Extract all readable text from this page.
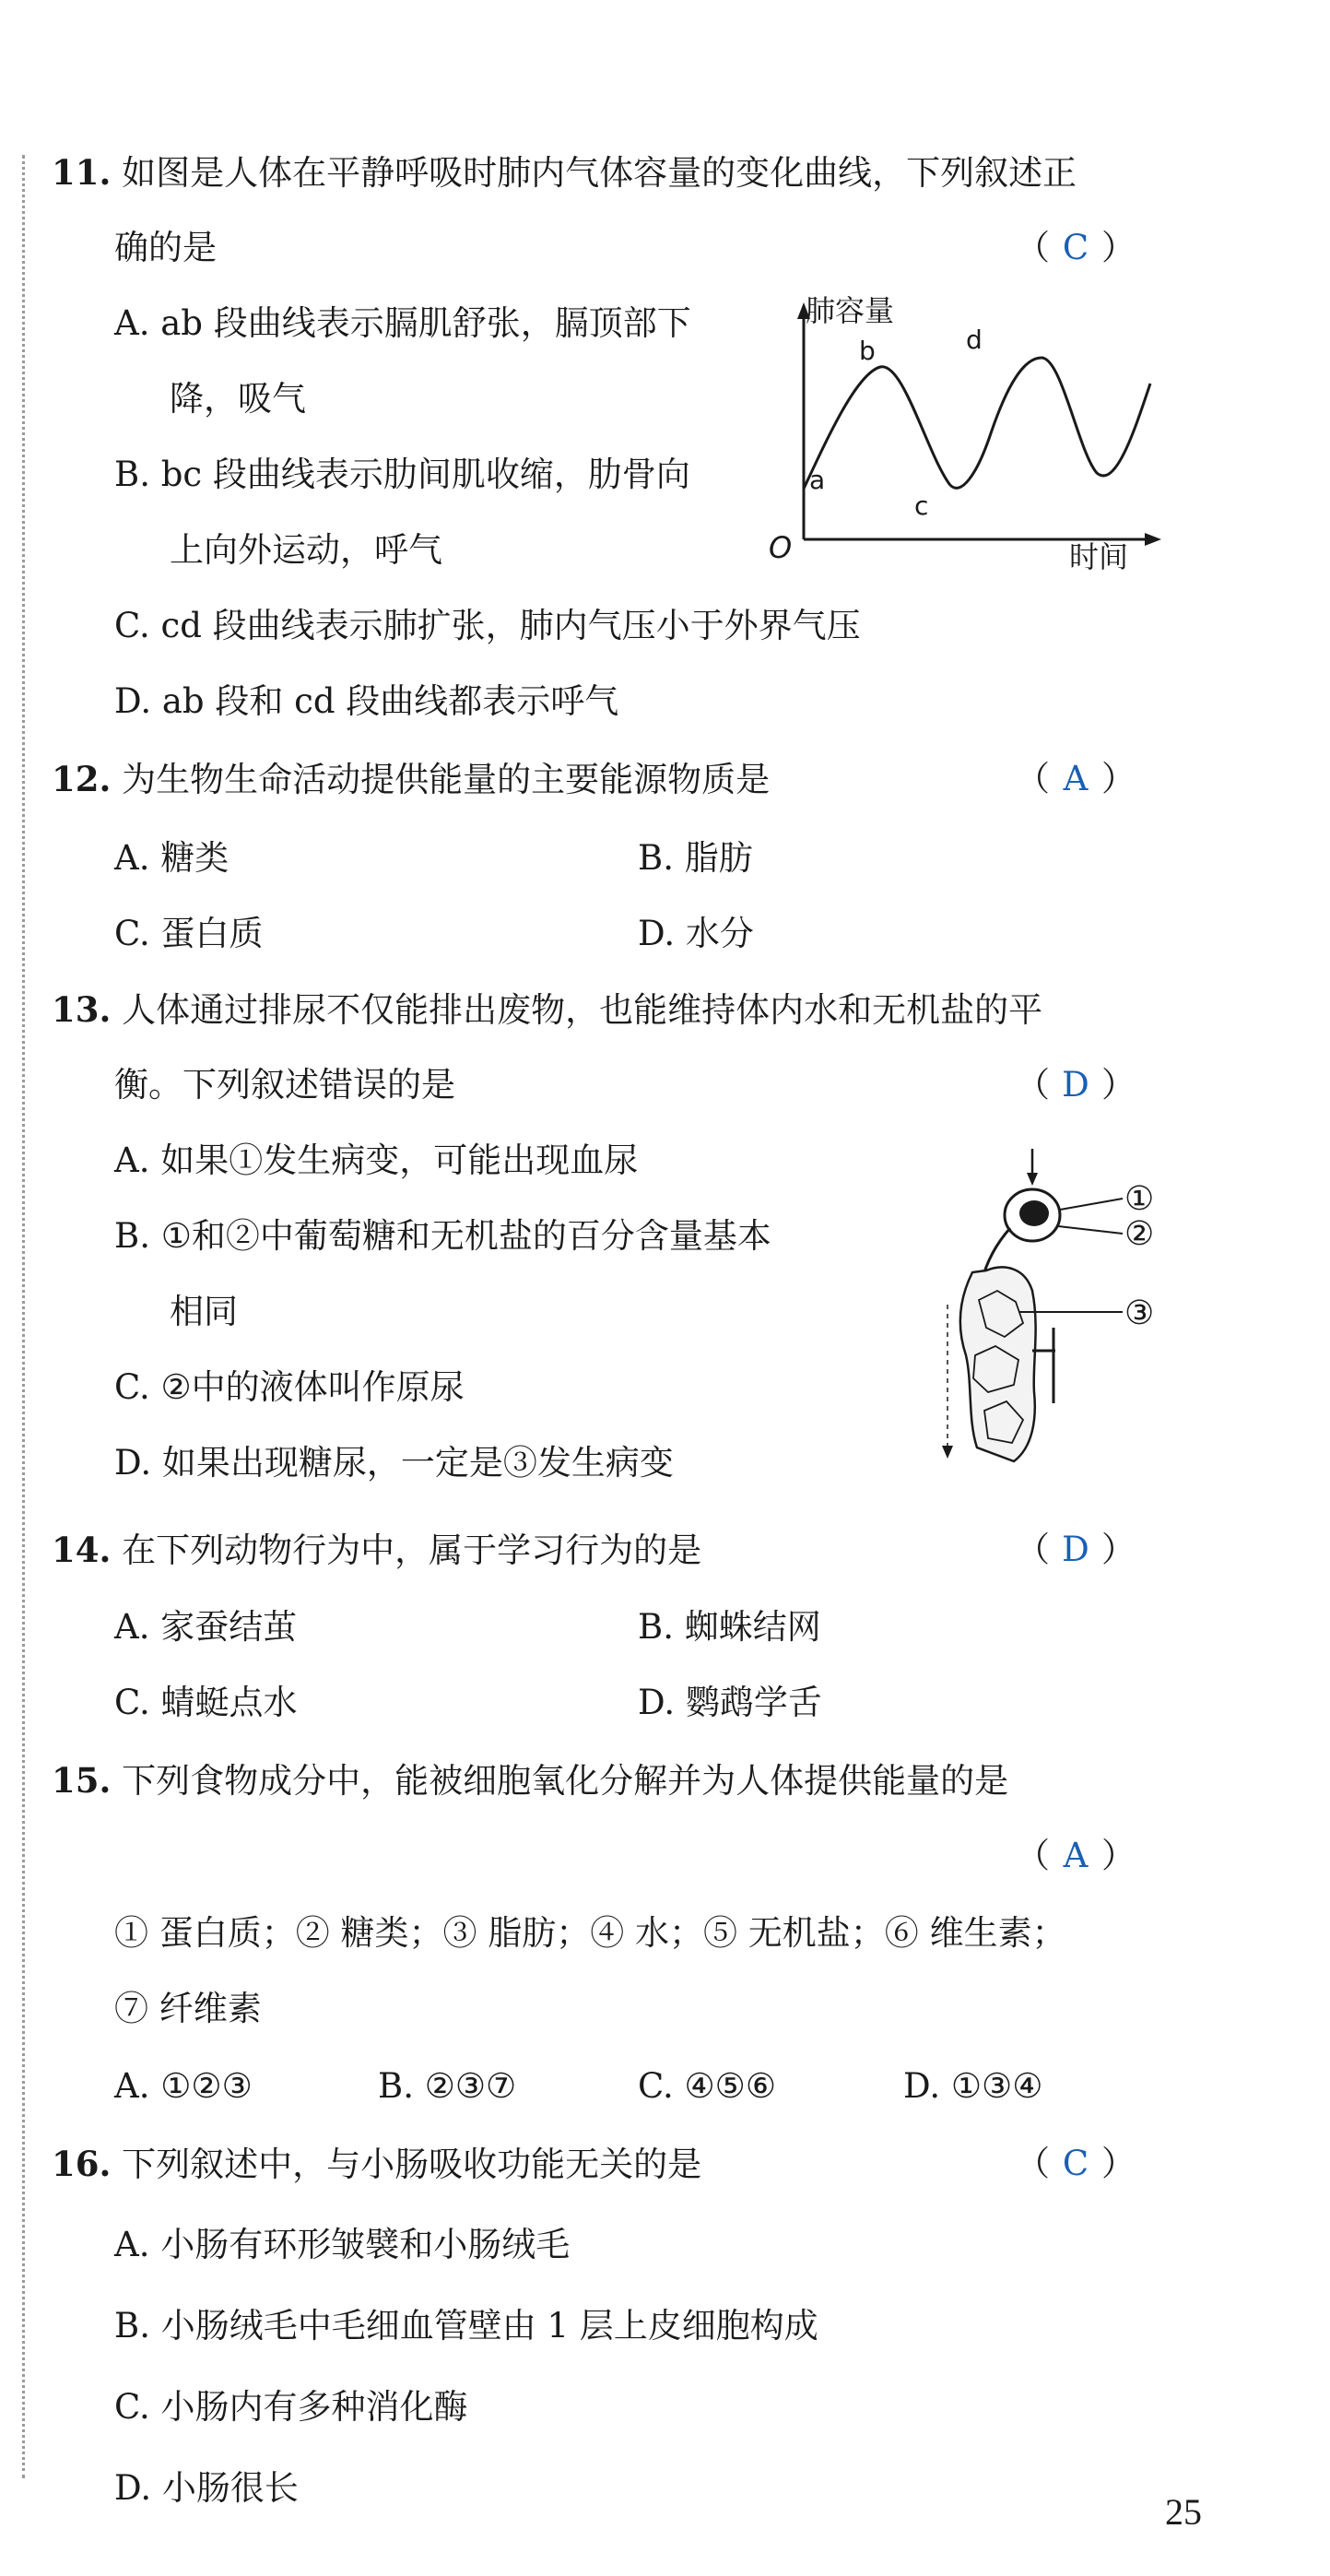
11. 如图是人体在平静呼吸时肺内气体容量的变化曲线，下列叙述正
确的是	（ C ）
A. ab 段曲线表示膈肌舒张，膈顶部下
降，吸气
B. bc 段曲线表示肋间肌收缩，肋骨向
上向外运动，呼气
C. cd 段曲线表示肺扩张，肺内气压小于外界气压
D. ab 段和 cd 段曲线都表示呼气
肺容量
时间
O
a
b
c
d
12. 为生物生命活动提供能量的主要能源物质是	（ A ）
A. 糖类	B. 脂肪
C. 蛋白质	D. 水分
13. 人体通过排尿不仅能排出废物，也能维持体内水和无机盐的平
衡。下列叙述错误的是	（ D ）
A. 如果①发生病变，可能出现血尿
B. ①和②中葡萄糖和无机盐的百分含量基本
相同
C. ②中的液体叫作原尿
D. 如果出现糖尿，一定是③发生病变
①
②
③
14. 在下列动物行为中，属于学习行为的是	（ D ）
A. 家蚕结茧	B. 蜘蛛结网
C. 蜻蜓点水	D. 鹦鹉学舌
15. 下列食物成分中，能被细胞氧化分解并为人体提供能量的是
（ A ）
① 蛋白质；② 糖类；③ 脂肪；④ 水；⑤ 无机盐；⑥ 维生素；
⑦ 纤维素
A. ①②③	B. ②③⑦	C. ④⑤⑥	D. ①③④
16. 下列叙述中，与小肠吸收功能无关的是	（ C ）
A. 小肠有环形皱襞和小肠绒毛
B. 小肠绒毛中毛细血管壁由 1 层上皮细胞构成
C. 小肠内有多种消化酶
D. 小肠很长
25
